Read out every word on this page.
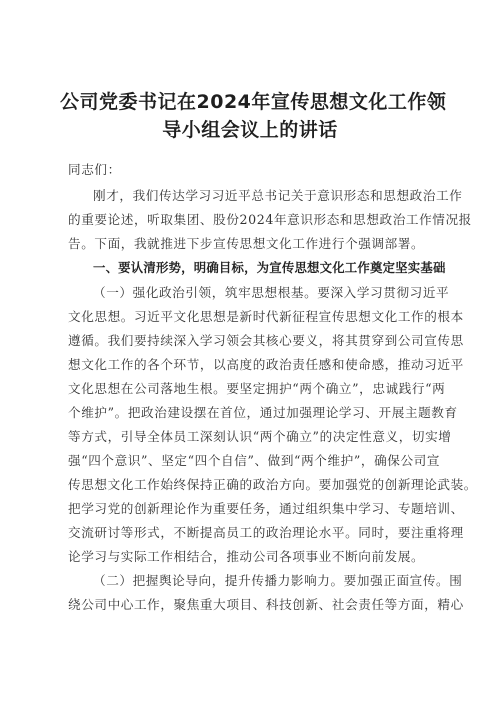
公司党委书记在2024年宣传思想文化工作领
导小组会议上的讲话

同志们：

刚才，我们传达学习习近平总书记关于意识形态和思想政治工作

的重要论述，听取集团、股份2024年意识形态和思想政治工作情况报

告。下面，我就推进下步宣传思想文化工作进行个强调部署。

一、要认清形势，明确目标，为宣传思想文化工作奠定坚实基础

（一）强化政治引领，筑牢思想根基。要深入学习贯彻习近平

文化思想。习近平文化思想是新时代新征程宣传思想文化工作的根本

遵循。我们要持续深入学习领会其核心要义，将其贯穿到公司宣传思

想文化工作的各个环节，以高度的政治责任感和使命感，推动习近平

文化思想在公司落地生根。要坚定拥护“两个确立”，忠诚践行“两

个维护”。把政治建设摆在首位，通过加强理论学习、开展主题教育

等方式，引导全体员工深刻认识“两个确立”的决定性意义，切实增

强“四个意识”、坚定“四个自信”、做到“两个维护”，确保公司宣

传思想文化工作始终保持正确的政治方向。要加强党的创新理论武装。

把学习党的创新理论作为重要任务，通过组织集中学习、专题培训、

交流研讨等形式，不断提高员工的政治理论水平。同时，要注重将理

论学习与实际工作相结合，推动公司各项事业不断向前发展。

（二）把握舆论导向，提升传播力影响力。要加强正面宣传。围

绕公司中心工作，聚焦重大项目、科技创新、社会责任等方面，精心
